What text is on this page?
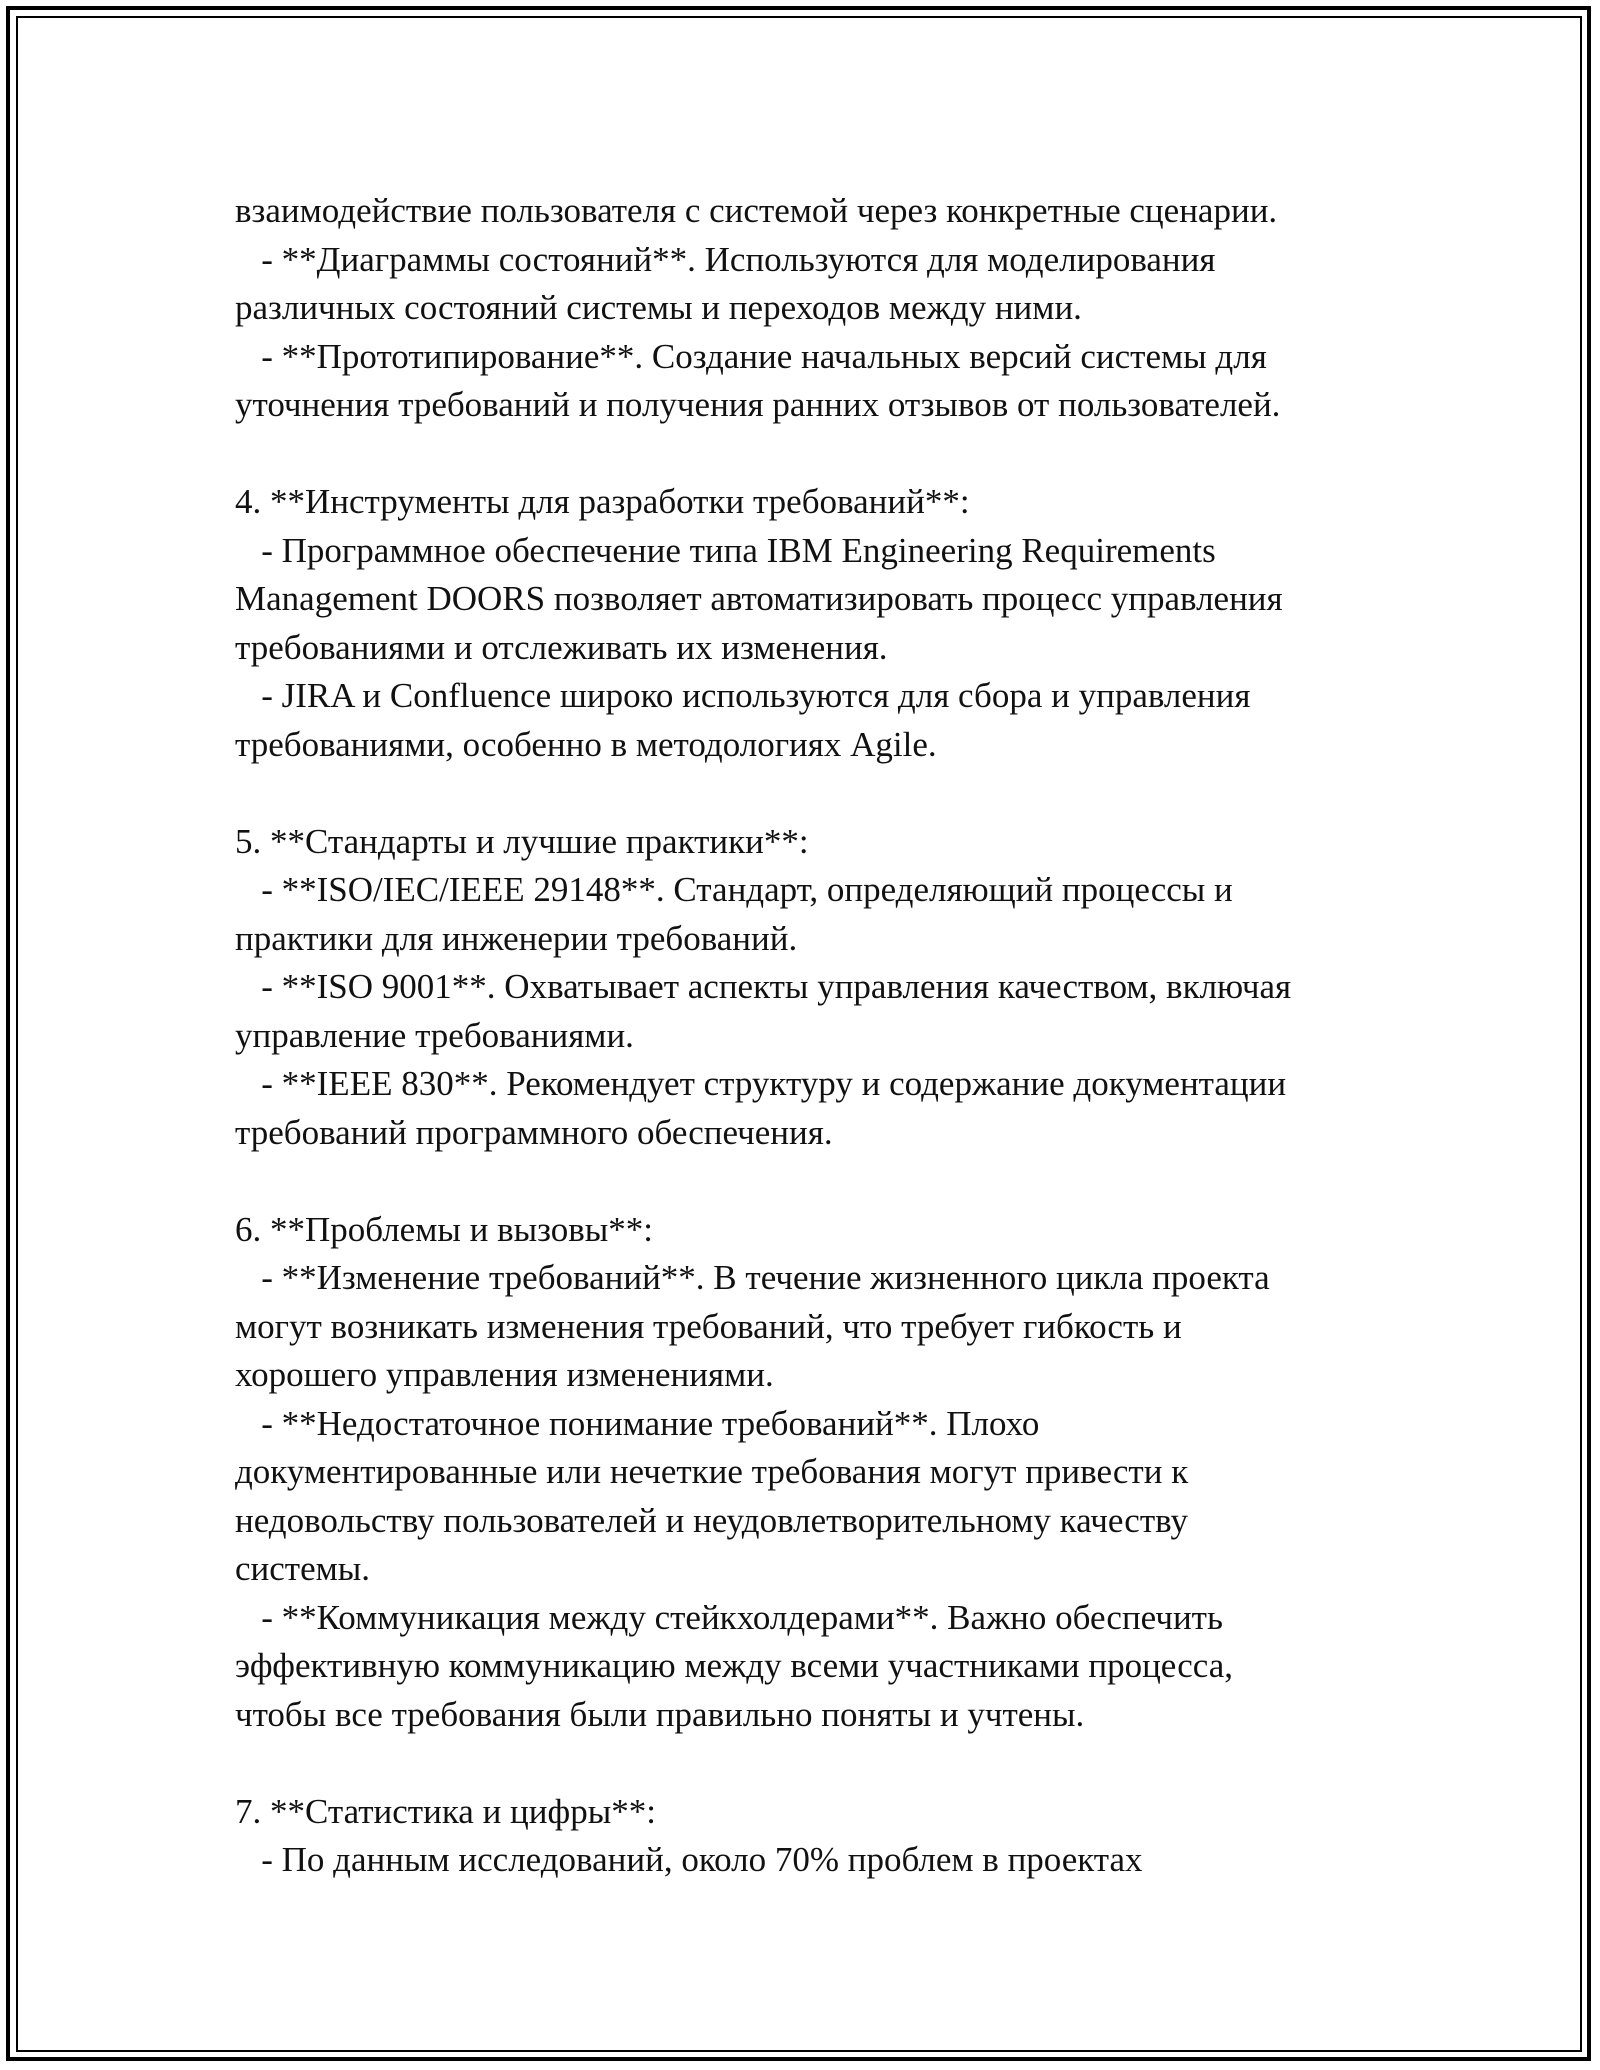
взаимодействие пользователя с системой через конкретные сценарии.
- **Диаграммы состояний**. Используются для моделирования
различных состояний системы и переходов между ними.
- **Прототипирование**. Создание начальных версий системы для
уточнения требований и получения ранних отзывов от пользователей.
4. **Инструменты для разработки требований**:
- Программное обеспечение типа IBM Engineering Requirements
Management DOORS позволяет автоматизировать процесс управления
требованиями и отслеживать их изменения.
- JIRA и Confluence широко используются для сбора и управления
требованиями, особенно в методологиях Agile.
5. **Стандарты и лучшие практики**:
- **ISO/IEC/IEEE 29148**. Стандарт, определяющий процессы и
практики для инженерии требований.
- **ISO 9001**. Охватывает аспекты управления качеством, включая
управление требованиями.
- **IEEE 830**. Рекомендует структуру и содержание документации
требований программного обеспечения.
6. **Проблемы и вызовы**:
- **Изменение требований**. В течение жизненного цикла проекта
могут возникать изменения требований, что требует гибкость и
хорошего управления изменениями.
- **Недостаточное понимание требований**. Плохо
документированные или нечеткие требования могут привести к
недовольству пользователей и неудовлетворительному качеству
системы.
- **Коммуникация между стейкхолдерами**. Важно обеспечить
эффективную коммуникацию между всеми участниками процесса,
чтобы все требования были правильно поняты и учтены.
7. **Статистика и цифры**:
- По данным исследований, около 70% проблем в проектах
